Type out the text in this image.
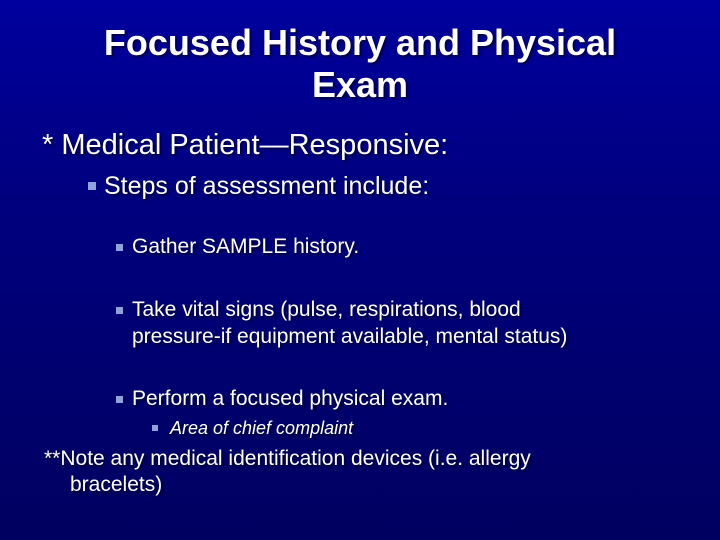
Focused History and Physical
Exam
* Medical Patient—Responsive:
Steps of assessment include:
Gather SAMPLE history.
Take vital signs (pulse, respirations, blood
pressure-if equipment available, mental status)
Perform a focused physical exam.
Area of chief complaint
**Note any medical identification devices (i.e. allergy
bracelets)
